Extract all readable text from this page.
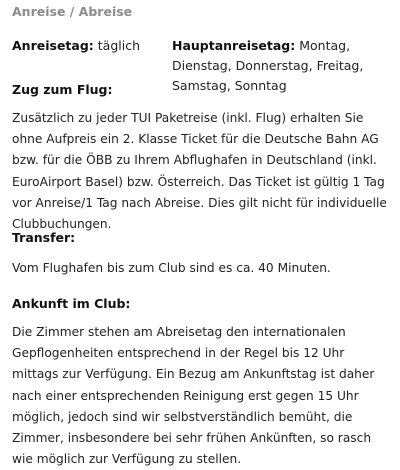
Anreise / Abreise
Anreisetag: täglich	Hauptanreisetag: Montag, Dienstag, Donnerstag, Freitag, Samstag, Sonntag
Zug zum Flug:
Zusätzlich zu jeder TUI Paketreise (inkl. Flug) erhalten Sie ohne Aufpreis ein 2. Klasse Ticket für die Deutsche Bahn AG bzw. für die ÖBB zu Ihrem Abflughafen in Deutschland (inkl. EuroAirport Basel) bzw. Österreich. Das Ticket ist gültig 1 Tag vor Anreise/1 Tag nach Abreise. Dies gilt nicht für individuelle Clubbuchungen.
Transfer:
Vom Flughafen bis zum Club sind es ca. 40 Minuten.
Ankunft im Club:
Die Zimmer stehen am Abreisetag den internationalen Gepflogenheiten entsprechend in der Regel bis 12 Uhr mittags zur Verfügung. Ein Bezug am Ankunftstag ist daher nach einer entsprechenden Reinigung erst gegen 15 Uhr möglich, jedoch sind wir selbstverständlich bemüht, die Zimmer, insbesondere bei sehr frühen Ankünften, so rasch wie möglich zur Verfügung zu stellen.
